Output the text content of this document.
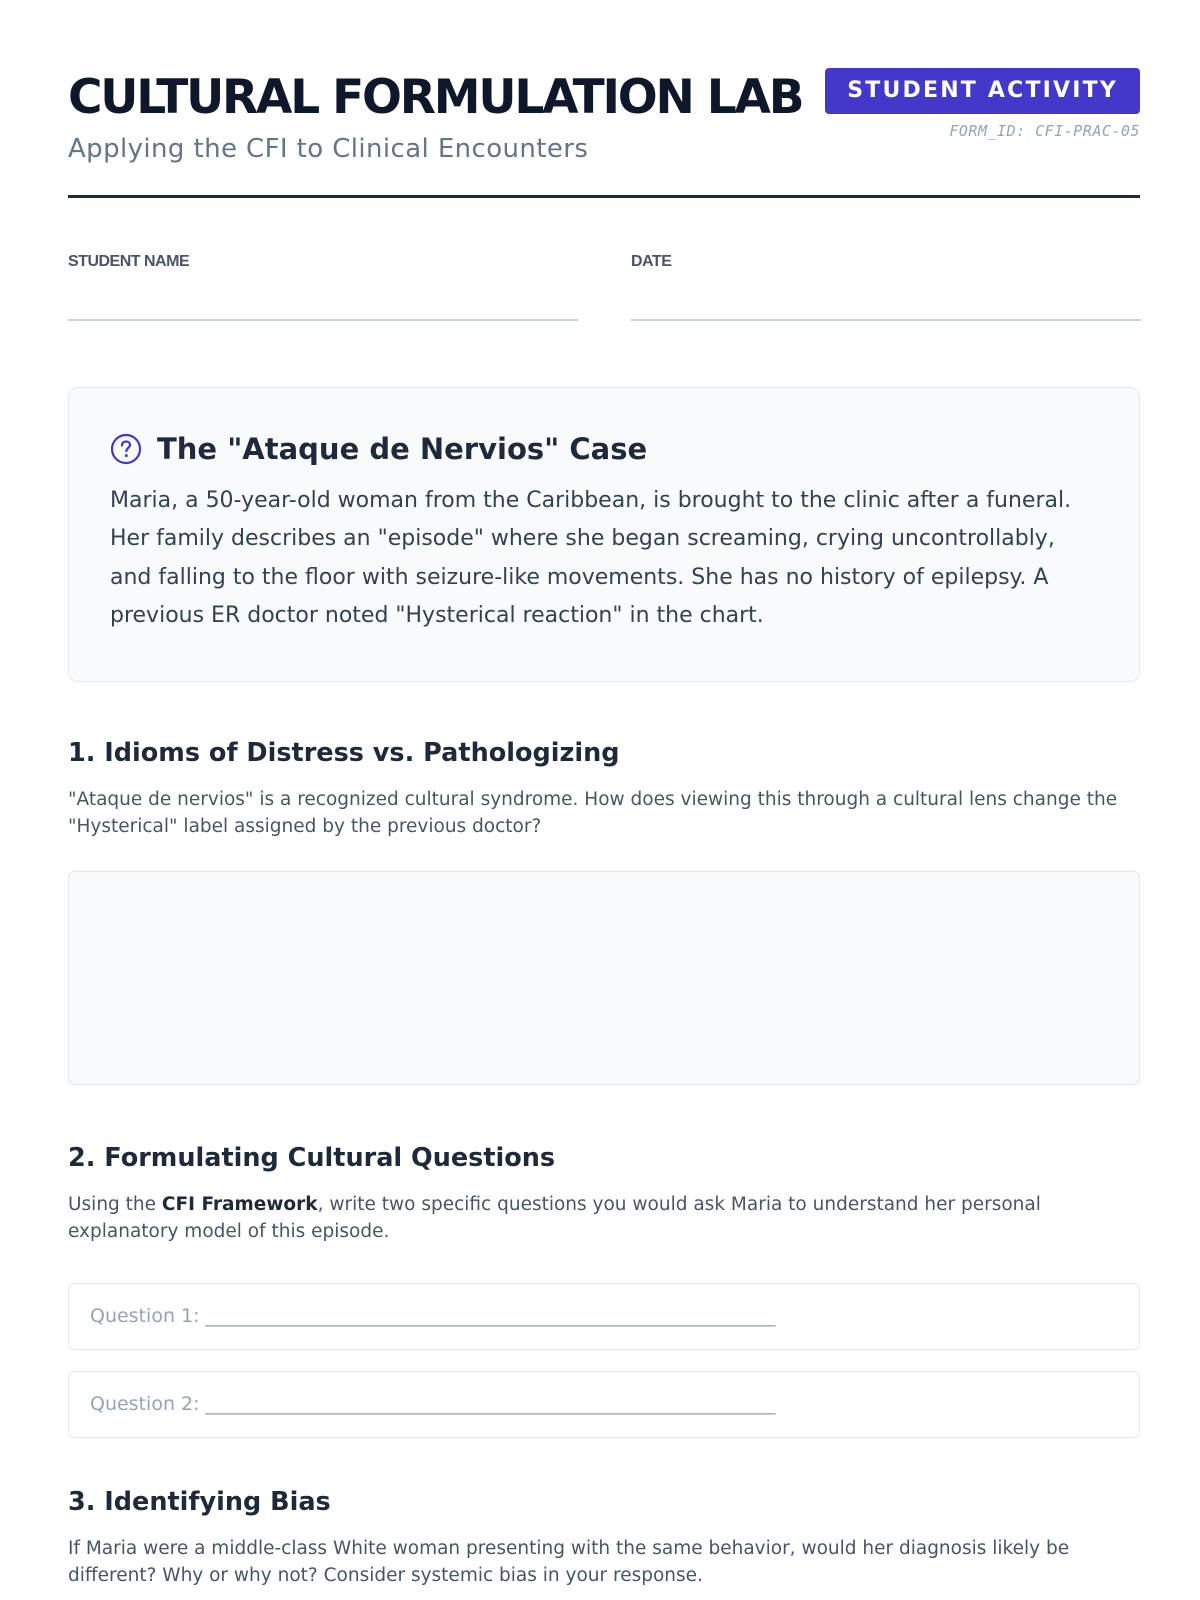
CULTURAL FORMULATION LAB
Applying the CFI to Clinical Encounters
STUDENT ACTIVITY
FORM_ID: CFI-PRAC-05
STUDENT NAME	DATE
The "Ataque de Nervios" Case
Maria, a 50-year-old woman from the Caribbean, is brought to the clinic after a funeral.
Her family describes an "episode" where she began screaming, crying uncontrollably,
and falling to the floor with seizure-like movements. She has no history of epilepsy. A
previous ER doctor noted "Hysterical reaction" in the chart.
1. Idioms of Distress vs. Pathologizing
"Ataque de nervios" is a recognized cultural syndrome. How does viewing this through a cultural lens change the
"Hysterical" label assigned by the previous doctor?
2. Formulating Cultural Questions
Using the CFI Framework, write two specific questions you would ask Maria to understand her personal
explanatory model of this episode.
Question 1: ____________________________________________________________
Question 2: ____________________________________________________________
3. Identifying Bias
If Maria were a middle-class White woman presenting with the same behavior, would her diagnosis likely be
different? Why or why not? Consider systemic bias in your response.
